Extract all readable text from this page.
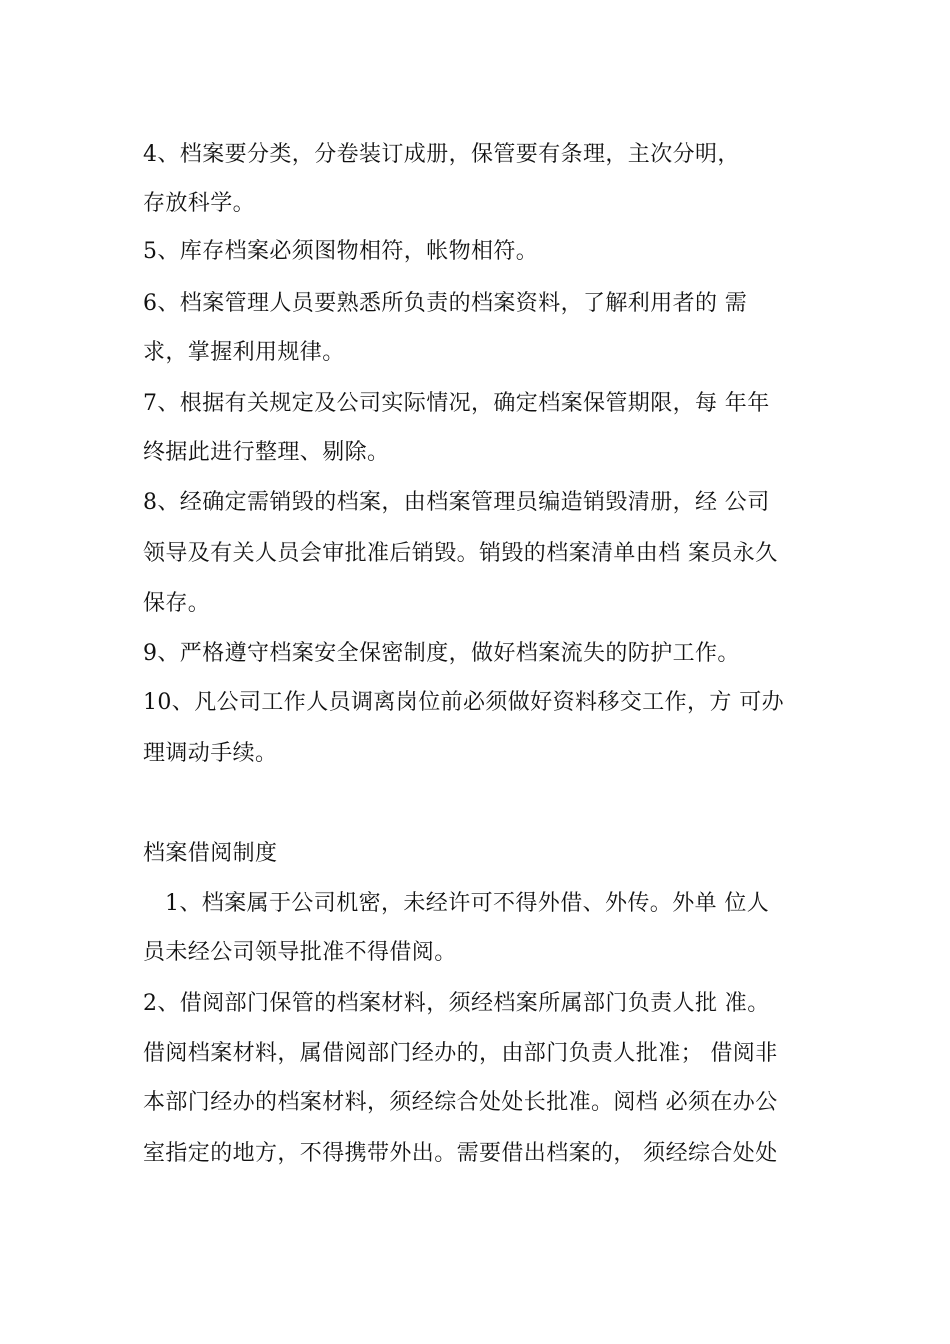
4、档案要分类，分卷装订成册，保管要有条理，主次分明，
存放科学。
5、库存档案必须图物相符，帐物相符。
6、档案管理人员要熟悉所负责的档案资料，了解利用者的 需
求，掌握利用规律。
7、根据有关规定及公司实际情况，确定档案保管期限，每 年年
终据此进行整理、剔除。
8、经确定需销毁的档案，由档案管理员编造销毁清册，经 公司
领导及有关人员会审批准后销毁。销毁的档案清单由档 案员永久
保存。
9、严格遵守档案安全保密制度，做好档案流失的防护工作。
10、凡公司工作人员调离岗位前必须做好资料移交工作，方 可办
理调动手续。
档案借阅制度
1、档案属于公司机密，未经许可不得外借、外传。外单 位人
员未经公司领导批准不得借阅。
2、借阅部门保管的档案材料，须经档案所属部门负责人批 准。
借阅档案材料，属借阅部门经办的，由部门负责人批准； 借阅非
本部门经办的档案材料，须经综合处处长批准。阅档 必须在办公
室指定的地方，不得携带外出。需要借出档案的， 须经综合处处
